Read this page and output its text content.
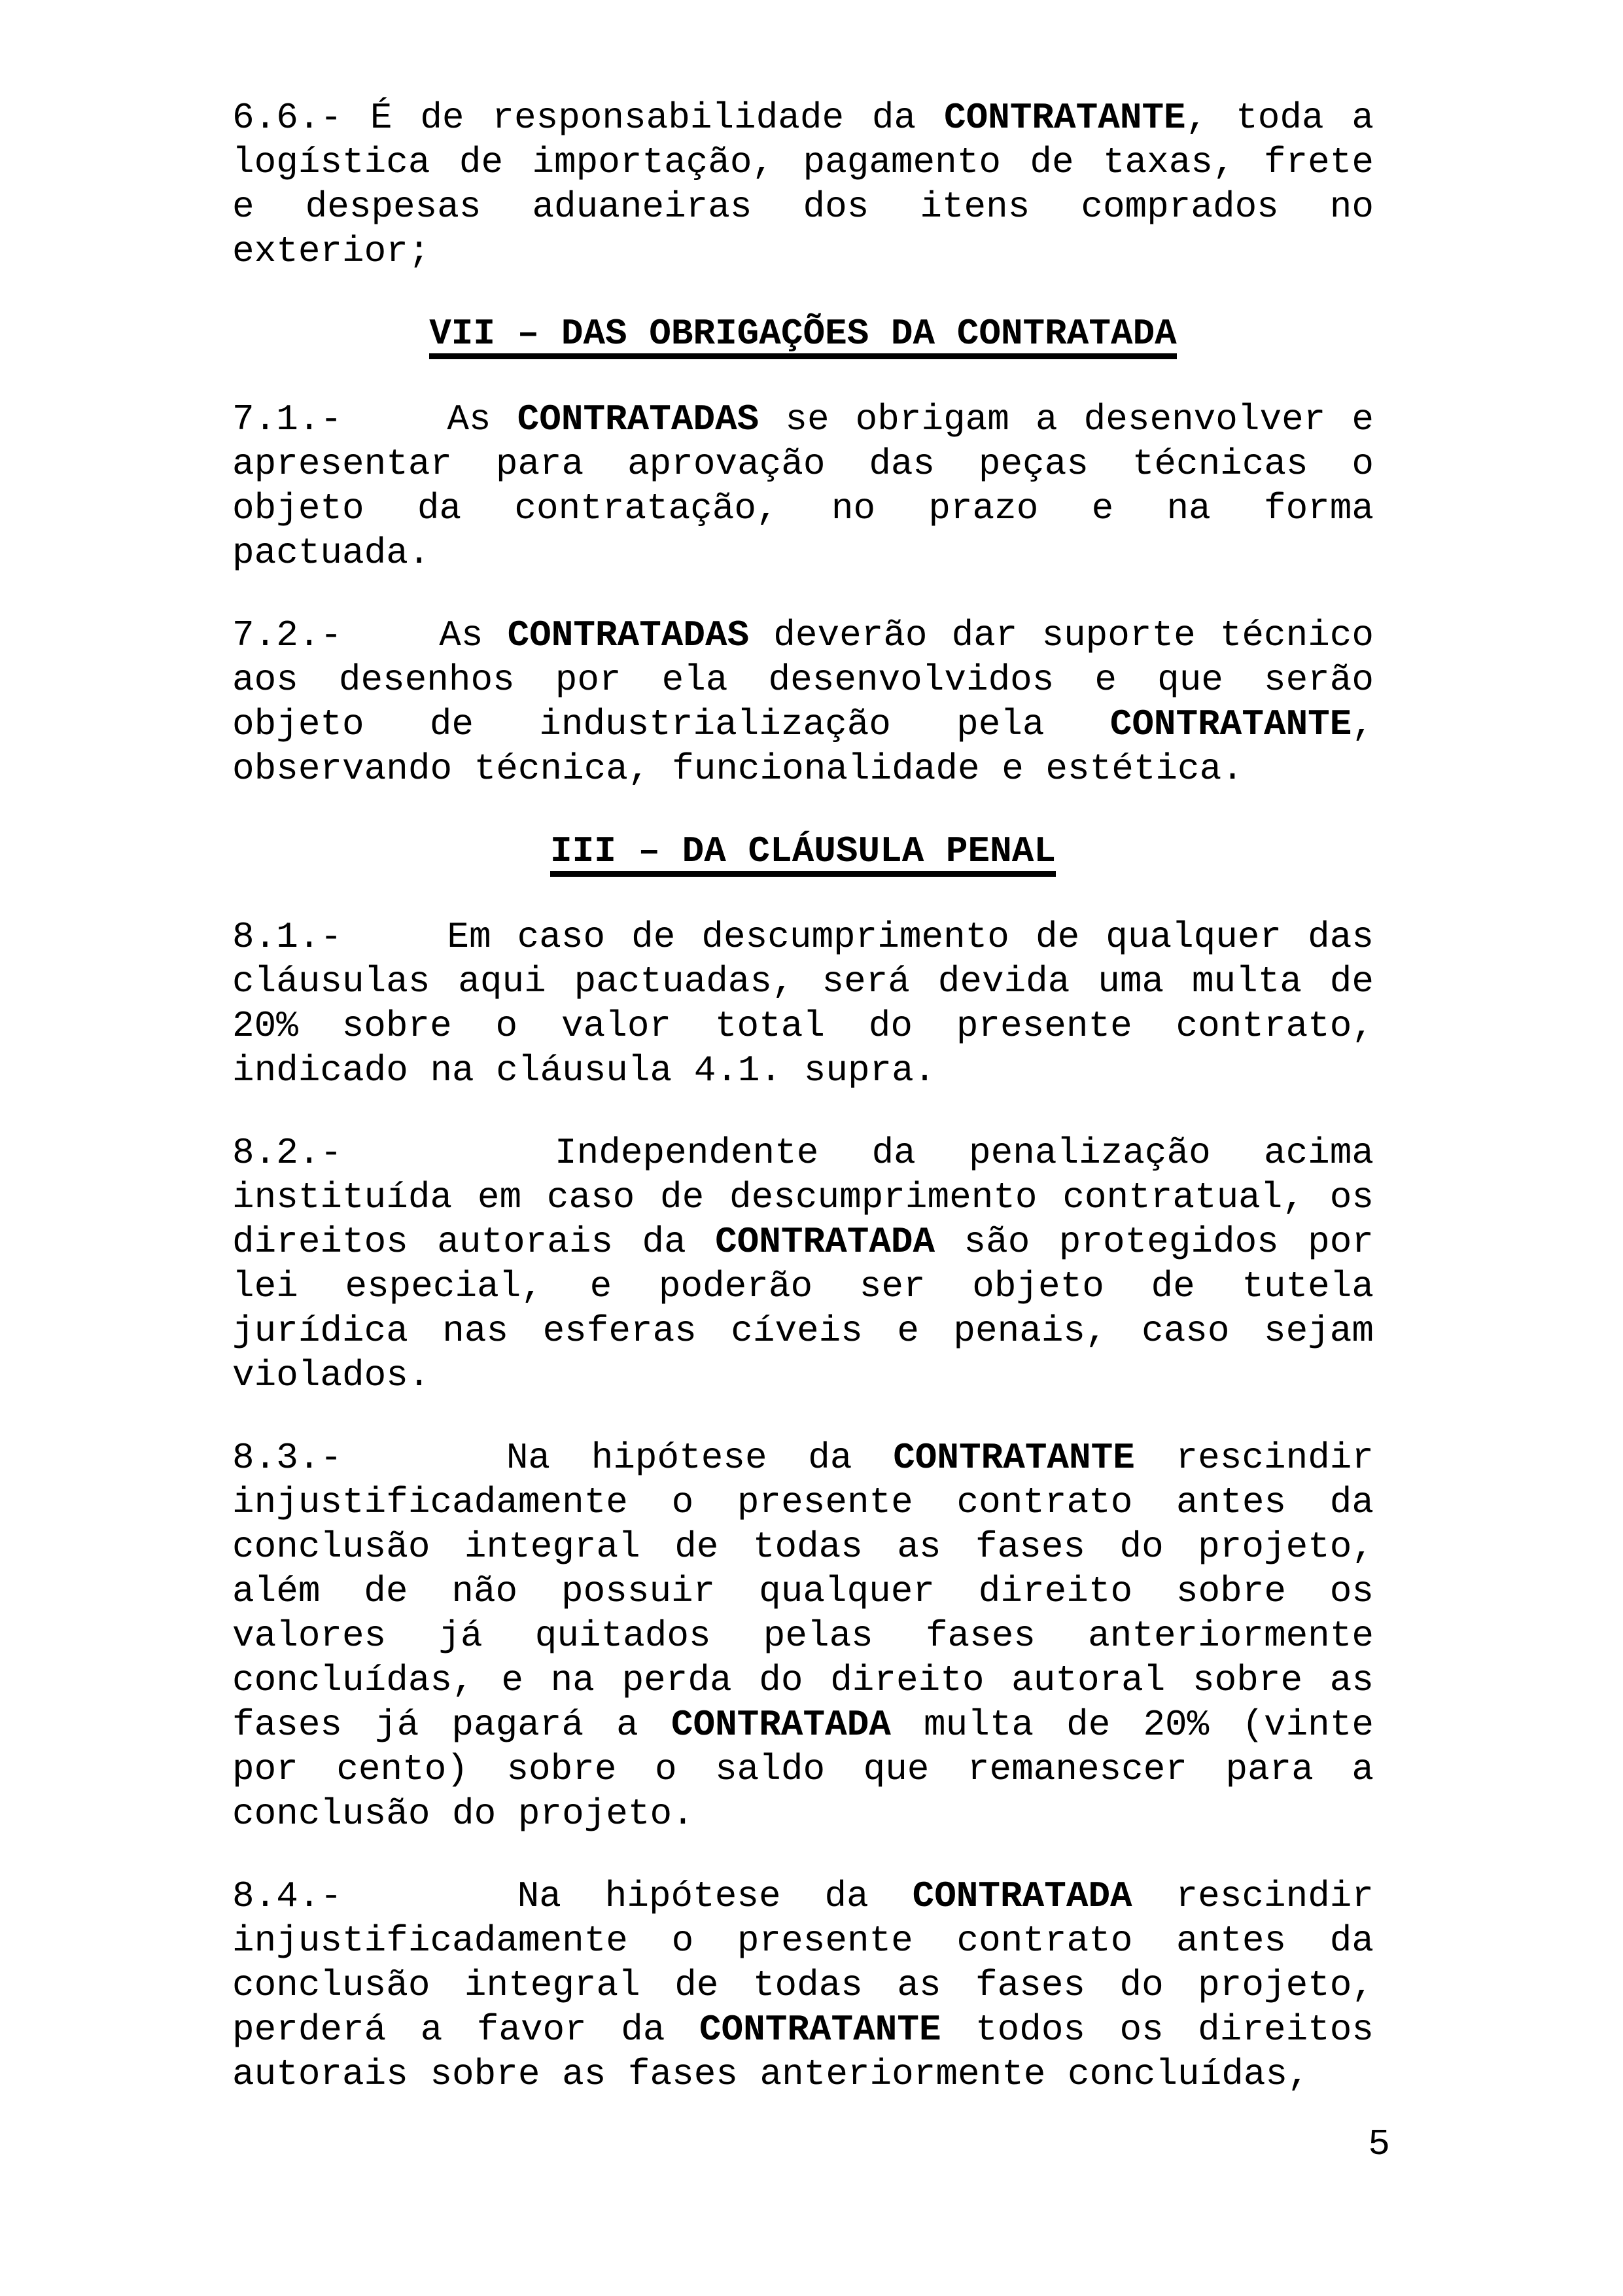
6.6.- É de responsabilidade da CONTRATANTE, toda a logística de importação, pagamento de taxas, frete e despesas aduaneiras dos itens comprados no exterior;

VII – DAS OBRIGAÇÕES DA CONTRATADA

7.1.-    As CONTRATADAS se obrigam a desenvolver e apresentar para aprovação das peças técnicas o objeto da contratação, no prazo e na forma pactuada.

7.2.-    As CONTRATADAS deverão dar suporte técnico aos desenhos por ela desenvolvidos e que serão objeto de industrialização pela CONTRATANTE, observando técnica, funcionalidade e estética.

III – DA CLÁUSULA PENAL

8.1.-    Em caso de descumprimento de qualquer das cláusulas aqui pactuadas, será devida uma multa de 20% sobre o valor total do presente contrato, indicado na cláusula 4.1. supra.

8.2.-    Independente da penalização acima instituída em caso de descumprimento contratual, os direitos autorais da CONTRATADA são protegidos por lei especial, e poderão ser objeto de tutela jurídica nas esferas cíveis e penais, caso sejam violados.

8.3.-    Na hipótese da CONTRATANTE rescindir injustificadamente o presente contrato antes da conclusão integral de todas as fases do projeto, além de não possuir qualquer direito sobre os valores já quitados pelas fases anteriormente concluídas, e na perda do direito autoral sobre as fases já pagará a CONTRATADA multa de 20% (vinte por cento) sobre o saldo que remanescer para a conclusão do projeto.

8.4.-    Na hipótese da CONTRATADA rescindir injustificadamente o presente contrato antes da conclusão integral de todas as fases do projeto, perderá a favor da CONTRATANTE todos os direitos autorais sobre as fases anteriormente concluídas,

5
